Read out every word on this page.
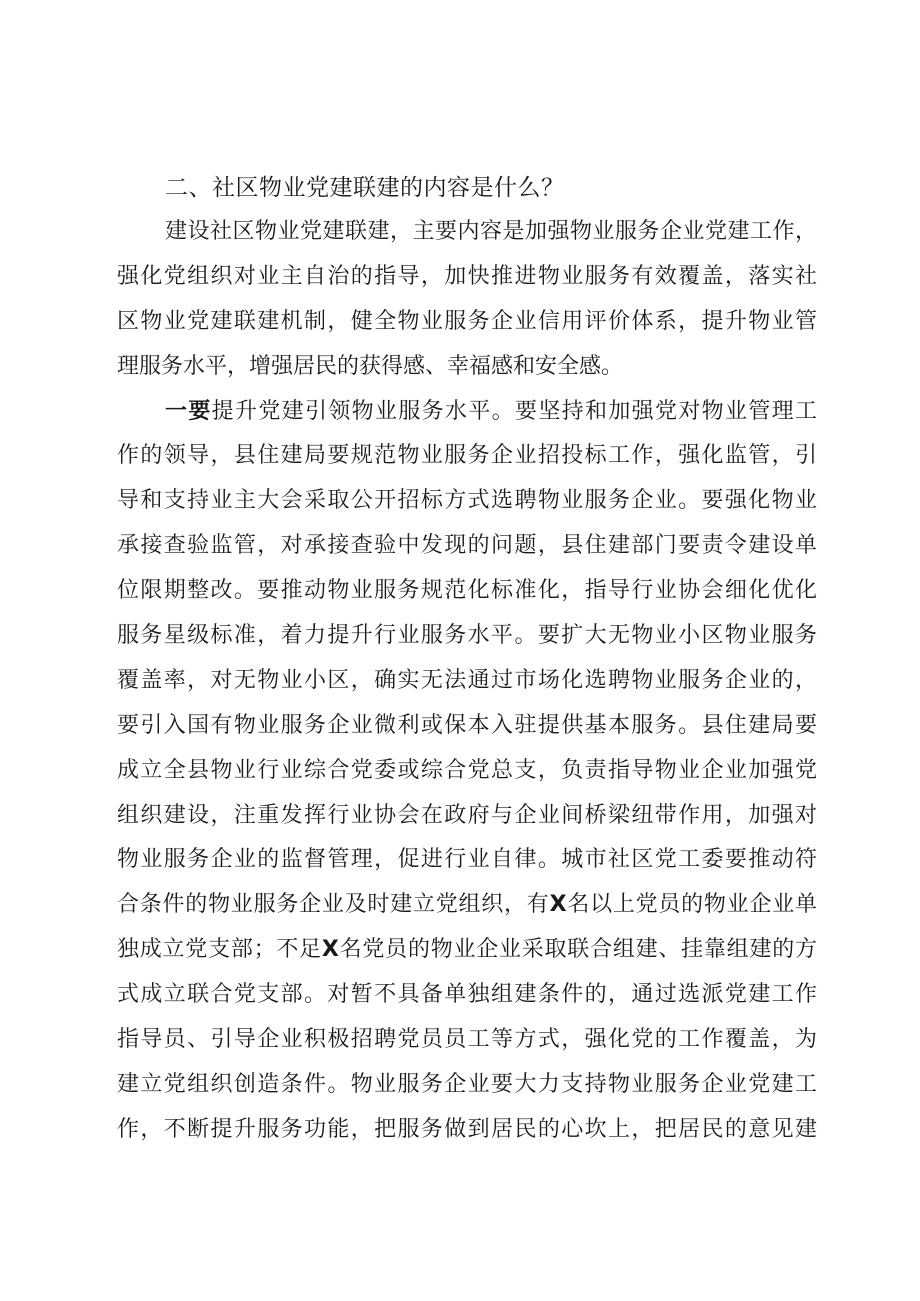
二、社区物业党建联建的内容是什么？
建设社区物业党建联建，主要内容是加强物业服务企业党建工作，
强化党组织对业主自治的指导，加快推进物业服务有效覆盖，落实社
区物业党建联建机制，健全物业服务企业信用评价体系，提升物业管
理服务水平，增强居民的获得感、幸福感和安全感。
一要提升党建引领物业服务水平。要坚持和加强党对物业管理工
作的领导，县住建局要规范物业服务企业招投标工作，强化监管，引
导和支持业主大会采取公开招标方式选聘物业服务企业。要强化物业
承接查验监管，对承接查验中发现的问题，县住建部门要责令建设单
位限期整改。要推动物业服务规范化标准化，指导行业协会细化优化
服务星级标准，着力提升行业服务水平。要扩大无物业小区物业服务
覆盖率，对无物业小区，确实无法通过市场化选聘物业服务企业的，
要引入国有物业服务企业微利或保本入驻提供基本服务。县住建局要
成立全县物业行业综合党委或综合党总支，负责指导物业企业加强党
组织建设，注重发挥行业协会在政府与企业间桥梁纽带作用，加强对
物业服务企业的监督管理，促进行业自律。城市社区党工委要推动符
合条件的物业服务企业及时建立党组织，有X名以上党员的物业企业单
独成立党支部；不足X名党员的物业企业采取联合组建、挂靠组建的方
式成立联合党支部。对暂不具备单独组建条件的，通过选派党建工作
指导员、引导企业积极招聘党员员工等方式，强化党的工作覆盖，为
建立党组织创造条件。物业服务企业要大力支持物业服务企业党建工
作，不断提升服务功能，把服务做到居民的心坎上，把居民的意见建
